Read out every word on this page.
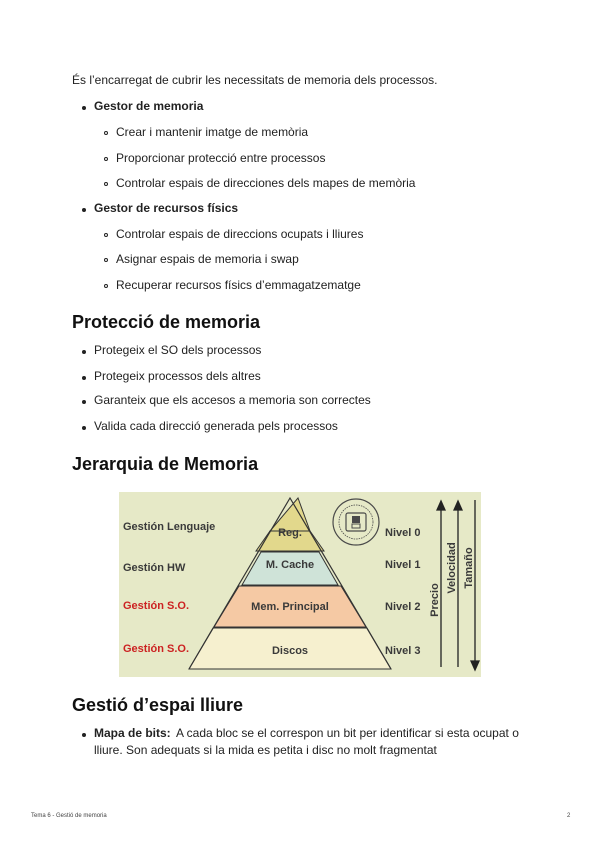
És l’encarregat de cubrir les necessitats de memoria dels processos.
Gestor de memoria
Crear i mantenir imatge de memòria
Proporcionar protecció entre processos
Controlar espais de direcciones dels mapes de memòria
Gestor de recursos físics
Controlar espais de direccions ocupats i lliures
Asignar espais de memoria i swap
Recuperar recursos físics d’emmagatzematge
Protecció de memoria
Protegeix el SO dels processos
Protegeix processos dels altres
Garanteix que els accesos a memoria son correctes
Valida cada direcció generada pels processos
Jerarquia de Memoria
Reg.
M. Cache
Mem. Principal
Discos
Gestión Lenguaje
Gestión HW
Gestión S.O.
Gestión S.O.
Nivel 0
Nivel 1
Nivel 2
Nivel 3
Precio
Velocidad Tamaño
Gestió d’espai lliure
Mapa de bits: A cada bloc se el correspon un bit per identificar si esta ocupat o
lliure. Son adequats si la mida es petita i disc no molt fragmentat
Tema 6 - Gestió de memoria	2
